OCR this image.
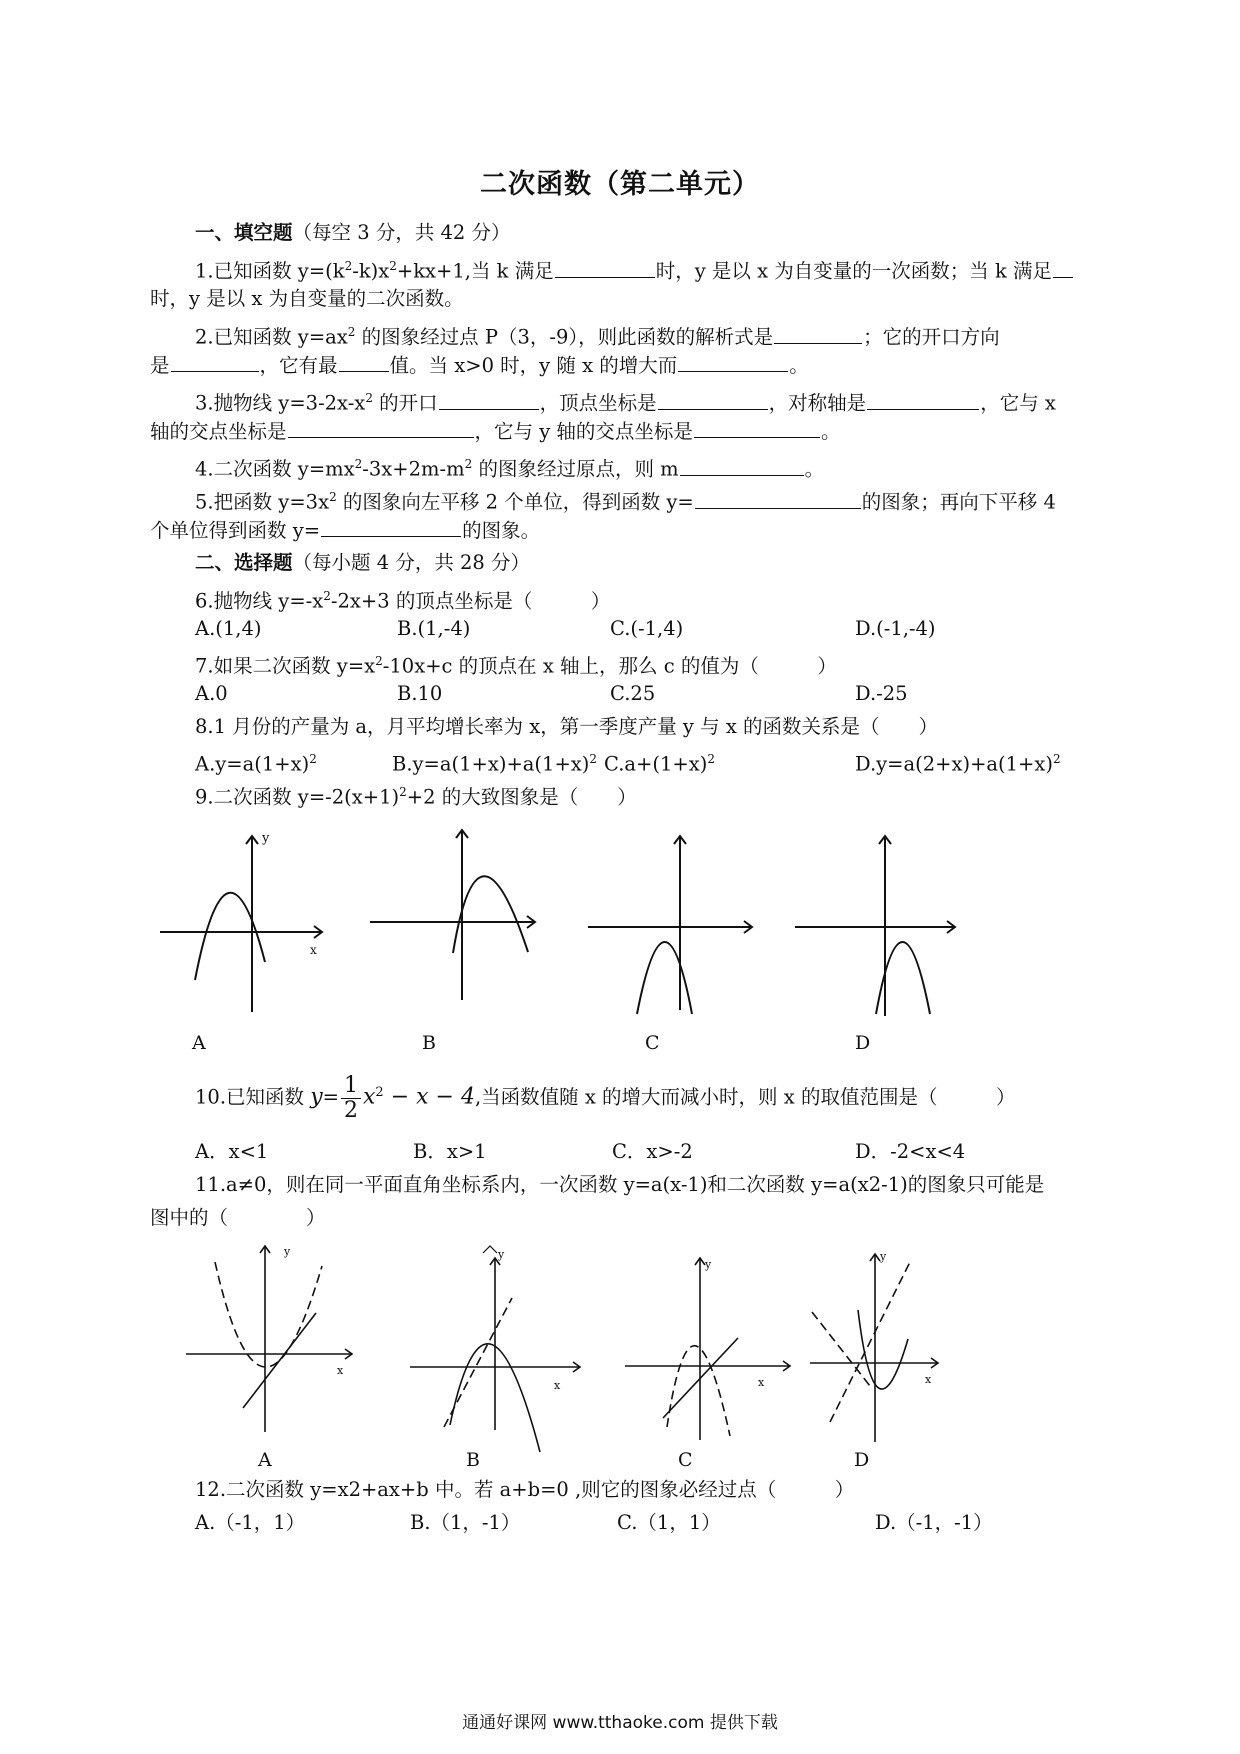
二次函数（第二单元）
一、填空题（每空 3 分，共 42 分）
1.已知函数 $y=(k^2-k)x^2+kx+1$,当 k 满足	时，y 是以 x 为自变量的一次函数；当 k 满足
时，y 是以 x 为自变量的二次函数。
2.已知函数 $y=ax^2$ 的图象经过点 P（3，-9），则此函数的解析式是	；它的开口方向
是	，它有最	值。当 x>0 时，y 随 x 的增大而	。
3.抛物线 $y=3-2x-x^2$ 的开口	，顶点坐标是	，对称轴是	，它与 x
轴的交点坐标是	，它与 y 轴的交点坐标是	。
4.二次函数 $y=mx^2-3x+2m-m^2$ 的图象经过原点，则 m	。
5.把函数 $y=3x^2$ 的图象向左平移 2 个单位，得到函数 y=	的图象；再向下平移 4
个单位得到函数 y=	的图象。
二、选择题（每小题 4 分，共 28 分）
6.抛物线 $y=-x^2-2x+3$ 的顶点坐标是（　　　）
A.(1,4)	B.(1,-4)	C.(-1,4)	D.(-1,-4)
7.如果二次函数 $y=x^2-10x+c$ 的顶点在 x 轴上，那么 c 的值为（　　　）
A.0	B.10	C.25	D.-25
8.1 月份的产量为 a，月平均增长率为 x，第一季度产量 y 与 x 的函数关系是（　　）
$A.y=a(1+x)^2$	$B.y=a(1+x)+a(1+x)^2$ $C.a+(1+x)^2$	$D.y=a(2+x)+a(1+x)^2$
9.二次函数 $y=-2(x+1)^2+2$ 的大致图象是（　　）
y
x
A	B	C	D
10.已知函数 $y= \frac{1}{2} x^2 - x - 4$,当函数值随 x 的增大而减小时，则 x 的取值范围是（　　　）
A．x<1	B．x>1	C．x>-2	D．-2<x<4
11.a≠0，则在同一平面直角坐标系内，一次函数 y=a(x-1)和二次函数 y=a(x2-1)的图象只可能是
图中的（　　　　）
y
x
y
x
y
x
y
x
A	B	C	D
12.二次函数 y=x2+ax+b 中。若 a+b=0 ,则它的图象必经过点（　　　）
A.（-1，1）	B.（1，-1）	C.（1，1）	D.（-1，-1）
通通好课网 www.tthaoke.com 提供下载
